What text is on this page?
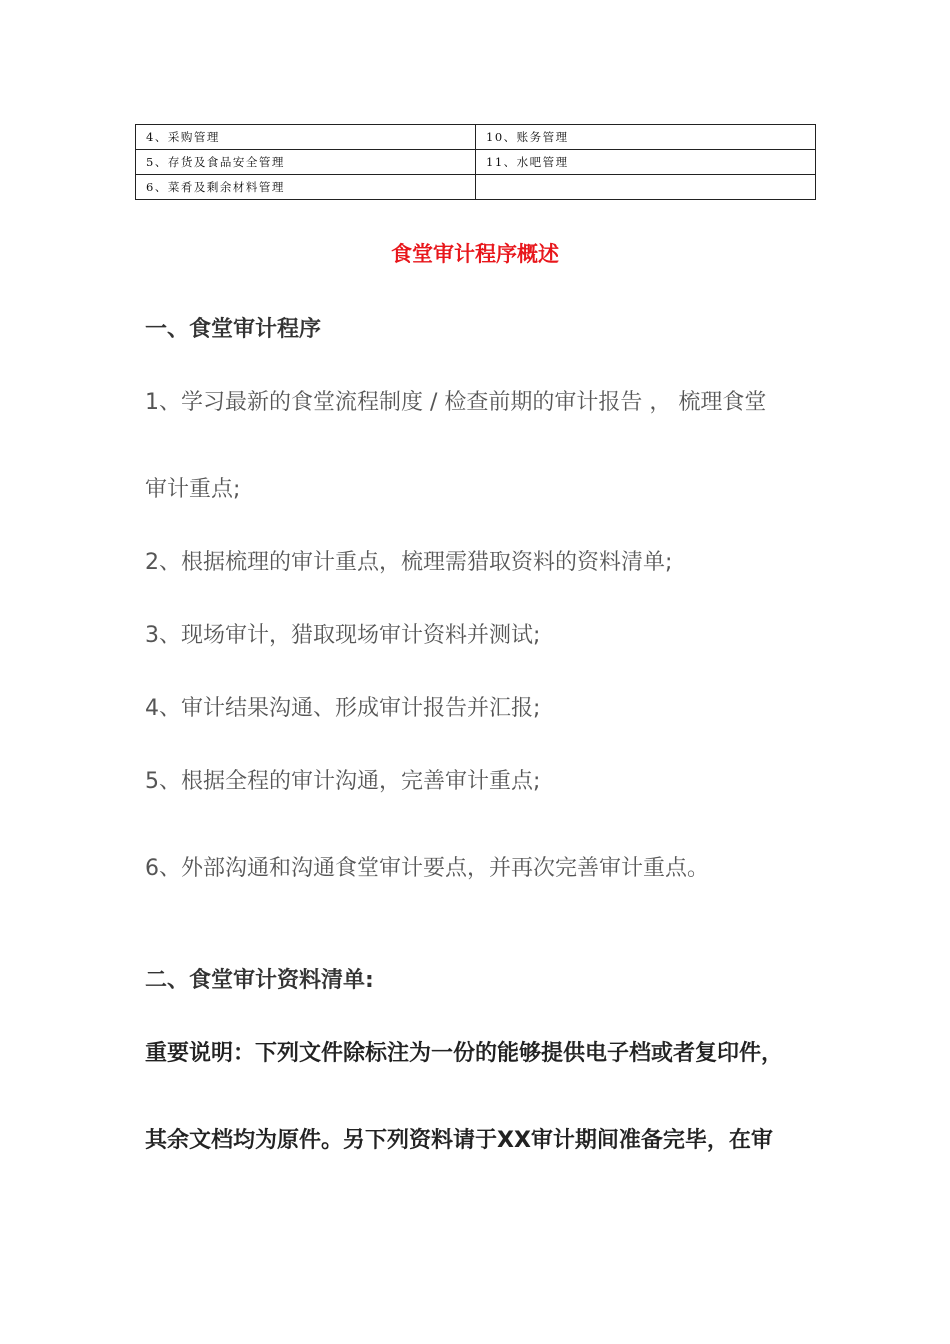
4、采购管理	10、账务管理
5、存货及食品安全管理	11、水吧管理
6、菜肴及剩余材料管理	
食堂审计程序概述
一、食堂审计程序
1、学习最新的食堂流程制度 / 检查前期的审计报告 ， 梳理食堂
审计重点;
2、根据梳理的审计重点，梳理需猎取资料的资料清单;
3、现场审计，猎取现场审计资料并测试;
4、审计结果沟通、形成审计报告并汇报;
5、根据全程的审计沟通，完善审计重点;
6、外部沟通和沟通食堂审计要点，并再次完善审计重点。
二、食堂审计资料清单:
重要说明：下列文件除标注为一份的能够提供电子档或者复印件，
其余文档均为原件。另下列资料请于XX审计期间准备完毕，在审
